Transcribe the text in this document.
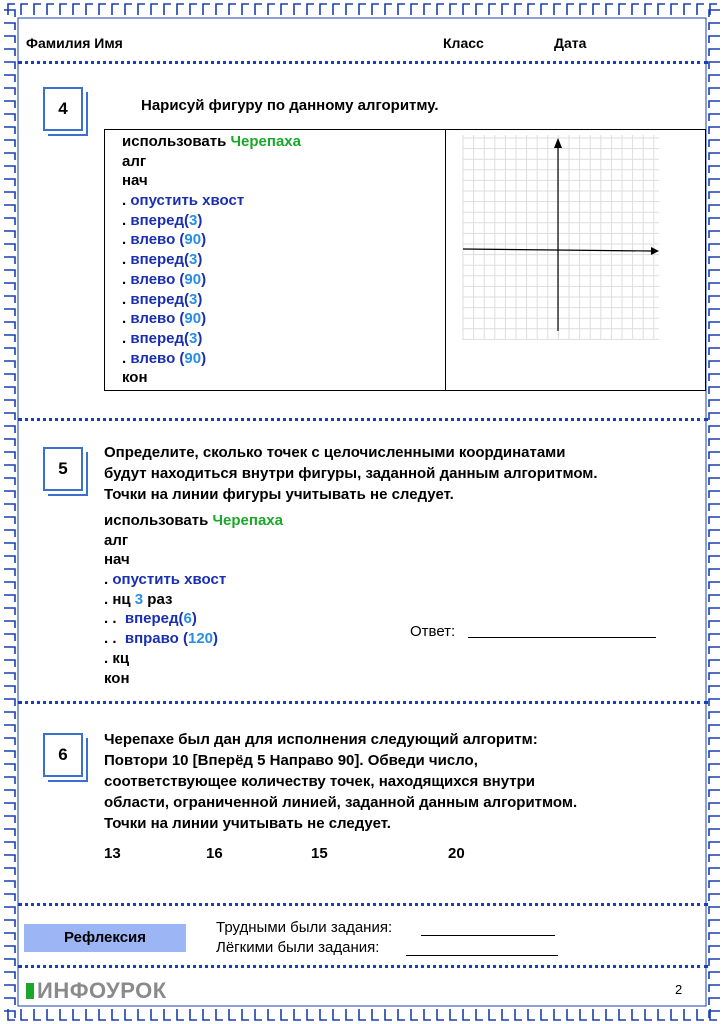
Фамилия Имя	Класс	Дата
4	Нарисуй фигуру по данному алгоритму.
использовать Черепаха
алг
нач
. опустить хвост
. вперед(3)
. влево (90)
. вперед(3)
. влево (90)
. вперед(3)
. влево (90)
. вперед(3)
. влево (90)
кон
5
Определите, сколько точек с целочисленными координатами
будут находиться внутри фигуры, заданной данным алгоритмом.
Точки на линии фигуры учитывать не следует.
использовать Черепаха
алг
нач
. опустить хвост
. нц 3 раз
. .  вперед(6)
. .  вправо (120)
. кц
кон
Ответ:
6
Черепахе был дан для исполнения следующий алгоритм:
Повтори 10 [Вперёд 5 Направо 90]. Обведи число,
соответствующее количеству точек, находящихся внутри
области, ограниченной линией, заданной данным алгоритмом.
Точки на линии учитывать не следует.
13	16	15	20
Рефлексия
Трудными были задания:
Лёгкими были задания:
ИНФОУРОК	2
